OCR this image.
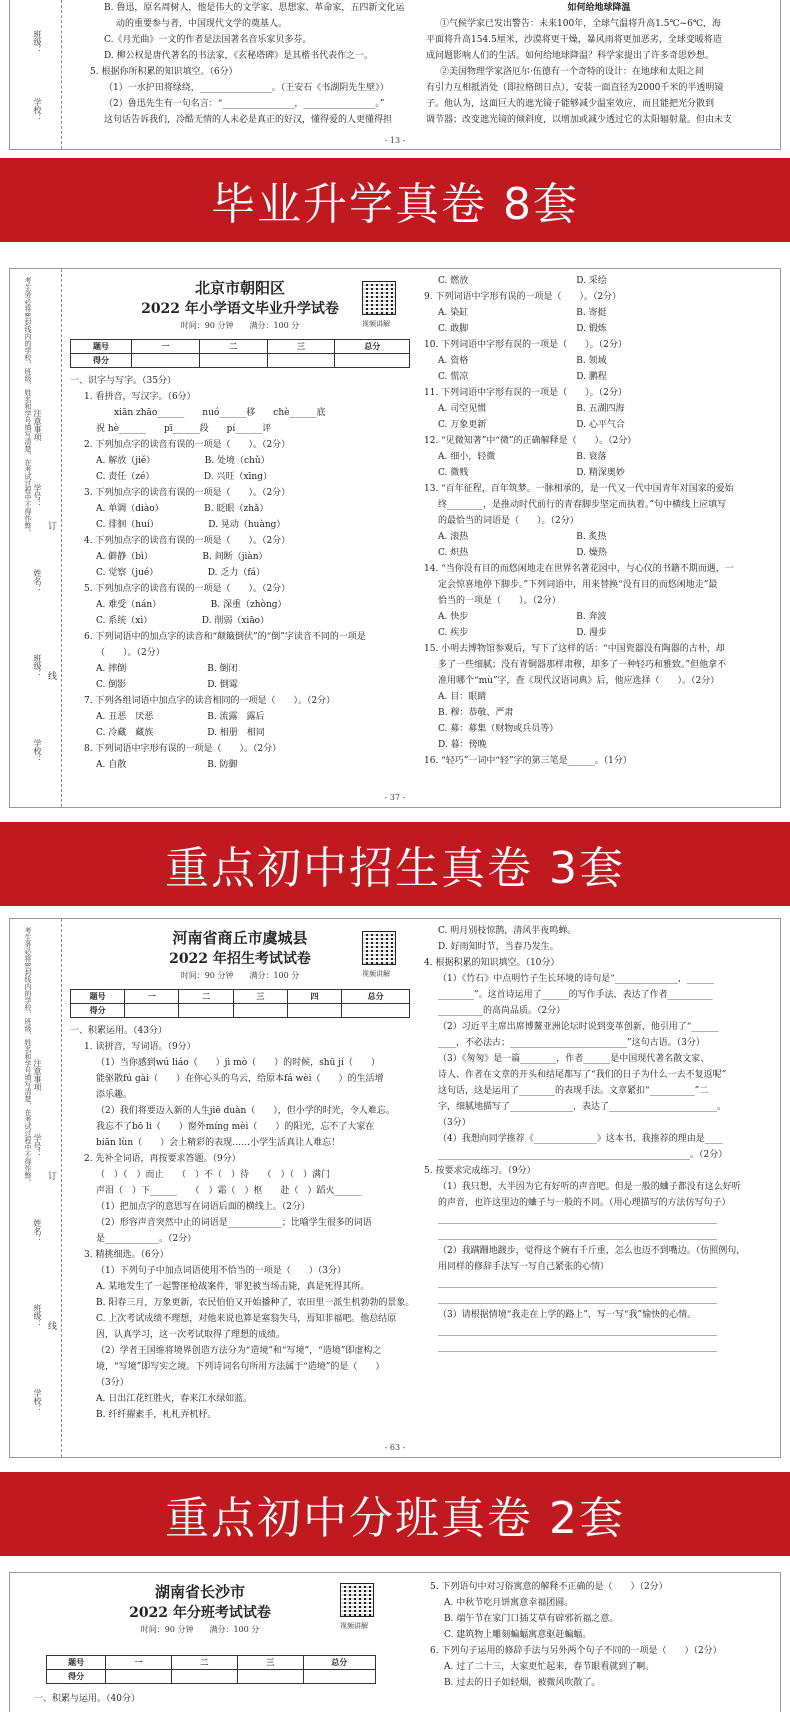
班级：
学校：

B. 鲁迅，原名周树人，他是伟大的文学家、思想家、革命家，五四新文化运

动的重要参与者，中国现代文学的奠基人。

C.《月光曲》一文的作者是法国著名音乐家贝多芬。

D. 柳公权是唐代著名的书法家，《玄秘塔碑》是其楷书代表作之一。

5. 根据你所积累的知识填空。（6分）

（1）一水护田将绿绕，________________。（王安石《书湖阴先生壁》）

（2）鲁迅先生有一句名言：“________________，________________。”

这句话告诉我们，冷酷无情的人未必是真正的好汉，懂得爱的人更懂得担

如何给地球降温

①气候学家已发出警告：未来100年，全球气温将升高1.5℃~6℃，海

平面将升高154.5厘米，沙漠将更干燥，暴风雨将更加恶劣，全球变暖将造

成问题影响人们的生活。如何给地球降温？科学家提出了许多奇思妙想。

②美国物理学家洛厄尔·伍德有一个奇特的设计：在地球和太阳之间

有引力互相抵消处（即拉格朗日点），安装一面直径为2000千米的半透明镜

子。他认为，这面巨大的遮光镜子能够减少温室效应，而且能把光分散到

调节器；改变遮光镜的倾斜度，以增加或减少透过它的太阳辐射量。但由未支

- 13 -
毕业升学真卷 8套
考生务必将密封线内的学校、班级、姓名和学号填写清楚，在考试过程中不得作弊。 注意事项
学号：
姓名：
班级：
学校：
订
线
北京市朝阳区
2022 年小学语文毕业升学试卷
时间：90 分钟　　满分：100 分	视频讲解
题号	一	二	三	总分
得分				

一、识字与写字。（35分）

1. 看拼音，写汉字。（6分）

　　xiān zhāo______　　nuó______移　　chè______底

祝 hè______　　pī______段　　pí______评

2. 下列加点字的读音有误的一项是（　　）。（2分）

A. 解放（jiě）　　　　　　B. 处境（chǔ）

C. 责任（zé）　　　　　　D. 兴旺（xīng）

3. 下列加点字的读音有误的一项是（　　）。（2分）

A. 单调（diào）　　　　　B. 眨眼（zhǎ）

C. 徘徊（huí）　　　　　　D. 晃动（huàng）

4. 下列加点字的读音有误的一项是（　　）。（2分）

A. 僻静（bì）　　　　　　B. 间断（jiàn）

C. 觉察（jué）　　　　　　D. 乏力（fá）

5. 下列加点字的读音有误的一项是（　　）。（2分）

A. 难受（nán）　　　　　　B. 深重（zhòng）

C. 系统（xì）　　　　　　D. 削弱（xiāo）

6. 下列词语中的加点字的读音和“颠簸倒伏”的“倒”字读音不同的一项是

（　　）。（2分）

A. 摔倒　　　　　　　　　B. 倒闭

C. 倒影　　　　　　　　　D. 倒霉

7. 下列各组词语中加点字的读音相同的一项是（　　）。（2分）

A. 丑恶　厌恶　　　　　　B. 流露　露后

C. 冷藏　藏族　　　　　　D. 相册　相同

8. 下列词语中字形有误的一项是（　　）。（2分）

A. 自散　　　　　　　　　B. 防御

C. 燃放　　　　　　　　　　　　D. 采绘

9. 下列词语中字形有误的一项是（　　）。（2分）

A. 染缸　　　　　　　　　　　　B. 寄挺

C. 敢脚　　　　　　　　　　　　D. 锻炼

10. 下列词语中字形有误的一项是（　　）。（2分）

A. 资格　　　　　　　　　　　　B. 领域

C. 慌凉　　　　　　　　　　　　D. 鹏程

11. 下列词语中字形有误的一项是（　　）。（2分）

A. 司空见惯　　　　　　　　　　B. 五湖四海

C. 万象更新　　　　　　　　　　D. 心平气合

12. “见微知著”中“微”的正确解释是（　　）。（2分）

A. 细小，轻微　　　　　　　　　B. 衰落

C. 微贱　　　　　　　　　　　　D. 精深奥妙

13. “百年征程，百年筑梦。一脉相承的，是一代又一代中国青年对国家的爱始

终________，是推动时代前行的青春脚步坚定而执着。”句中横线上应填写

的最恰当的词语是（　　）。（2分）

A. 滚热　　　　　　　　　　　　B. 炙热

C. 炽热　　　　　　　　　　　　D. 燥热

14. “当你没有目的而悠闲地走在世界名著花园中，与心仪的书籍不期而遇，一

定会惊喜地停下脚步。”下列词语中，用来替换“没有目的而悠闲地走”最

恰当的一项是（　　）。（2分）

A. 快步　　　　　　　　　　　　B. 奔波

C. 疾步　　　　　　　　　　　　D. 漫步

15. 小明去博物馆参观后，写下了这样的话：“中国瓷器没有陶器的古朴，却

多了一些细腻；没有青铜器那样肃穆，却多了一种轻巧和雅致。”但他拿不

准用哪个“mù”字，查《现代汉语词典》后，他应选择（　　）。（2分）

A. 目：眼睛

B. 穆：恭敬、严肃

C. 募：募集（财物或兵员等）

D. 暮：傍晚

16. “轻巧”一词中“轻”字的第三笔是______。（1分）

- 37 -
重点初中招生真卷 3套
考生务必将密封线内的学校、班级、姓名和学号填写清楚，在考试过程中不得作弊。 注意事项
学号：
姓名：
班级：
学校：
订
线
河南省商丘市虞城县
2022 年招生考试试卷
时间：90 分钟　　满分：100 分	视频讲解
题号	一	二	三	四	总分
得分					

一、积累运用。（43分）

1. 读拼音，写词语。（9分）

（1）当你感到wú liáo（　　）jì mò（　　）的时候，shū jí（　　）

能驱散fú gài（　　）在你心头的乌云，给原本fá wèi（　　）的生活增

添乐趣。

（2）我们将要迈入新的人生jiē duàn（　　），但小学的时光，令人难忘。

我忘不了bō li（　　）窗外míng mèi（　　）的阳光，忘不了大家在

biān lùn（　　）会上精彩的表现……小学生活真让人难忘！

2. 先补全词语，再按要求答题。（9分）

（　）（　）而止　　（　）不（　）待　　（　）（　）满门

声泪（　）下______　　（　）霜（　）枢　　赴（　）蹈火______

（1）把加点字的意思写在词语后面的横线上。（2分）

（2）形容声音突然中止的词语是____________；比喻学生很多的词语

是____________。（2分）

3. 精挑细选。（6分）

（1）下列句子中加点词语使用不恰当的一项是（　　）（3分）

A. 某地发生了一起警匪枪战案件，罪犯被当场击毙，真是死得其所。

B. 阳春三月，万象更新，农民伯伯又开始播种了，农田里一派生机勃勃的景象。

C. 上次考试成绩不理想，对他来说也算是塞翁失马，焉知非福吧。他总结原

因，认真学习，这一次考试取得了理想的成绩。

（2）学者王国维将境界创造方法分为“造境”和“写境”，“造境”即虚构之

境，“写境”即写实之境。下列诗词名句所用方法属于“造境”的是（　　）

（3分）

A. 日出江花红胜火，春来江水绿如蓝。

B. 纤纤擢素手，札札弄机杼。

C. 明月别枝惊鹊，清风半夜鸣蝉。

D. 好雨知时节，当春乃发生。

4. 根据积累的知识填空。（10分）

（1）《竹石》中点明竹子生长环境的诗句是“______________，______

________”。这首诗运用了______的写作手法，表达了作者__________

__________的高尚品质。（2分）

（2）习近平主席出席博鳌亚洲论坛时说到变革创新，他引用了“______

____，不必法古；__________________________”这句古语。（3分）

（3）《匆匆》是一篇________，作者______是中国现代著名散文家、

诗人、作者在文章的开头和结尾都写了“我们的日子为什么一去不复返呢”

这句话，这是运用了________的表现手法。文章紧扣“__________”二

字，细腻地描写了______________，表达了________________________。

（3分）

（4）我想向同学推荐《______________》这本书，我推荐的理由是____

________________________________________________________。（2分）

5. 按要求完成练习。（9分）

（1）我只想，大半因为它有好听的声音吧。但是一般的蛐子都没有这么好听

的声音，也许这里边的蛐子与一般的不同。（用心理描写的方法仿写句子）

______________________________________________________________

______________________________________________________________

（2）我蹒跚地踱步，觉得这个碗有千斤重，怎么也迈不到嘴边。（仿照例句，

用同样的修辞手法写一写自己紧张的心情）

______________________________________________________________

______________________________________________________________

（3）请根据情境“我走在上学的路上”，写一写“我”愉快的心情。

______________________________________________________________

______________________________________________________________

- 63 -
重点初中分班真卷 2套
湖南省长沙市
2022 年分班考试试卷
时间：90 分钟　　满分：100 分	视频讲解
题号	一	二	三	总分
得分				

一、积累与运用。（40分）

5. 下列语句中对习俗寓意的解释不正确的是（　　）（2分）

A. 中秋节吃月饼寓意幸福团圆。

B. 端午节在家门口插艾草有辟邪祈福之意。

C. 建筑物上雕刻蝙蝠寓意驱赶蝙蝠。

6. 下列句子运用的修辞手法与另外两个句子不同的一项是（　　）（2分）

A. 过了二十三，大家更忙起来，春节眼看就到了啊。

B. 过去的日子如轻烟，被微风吹散了。
